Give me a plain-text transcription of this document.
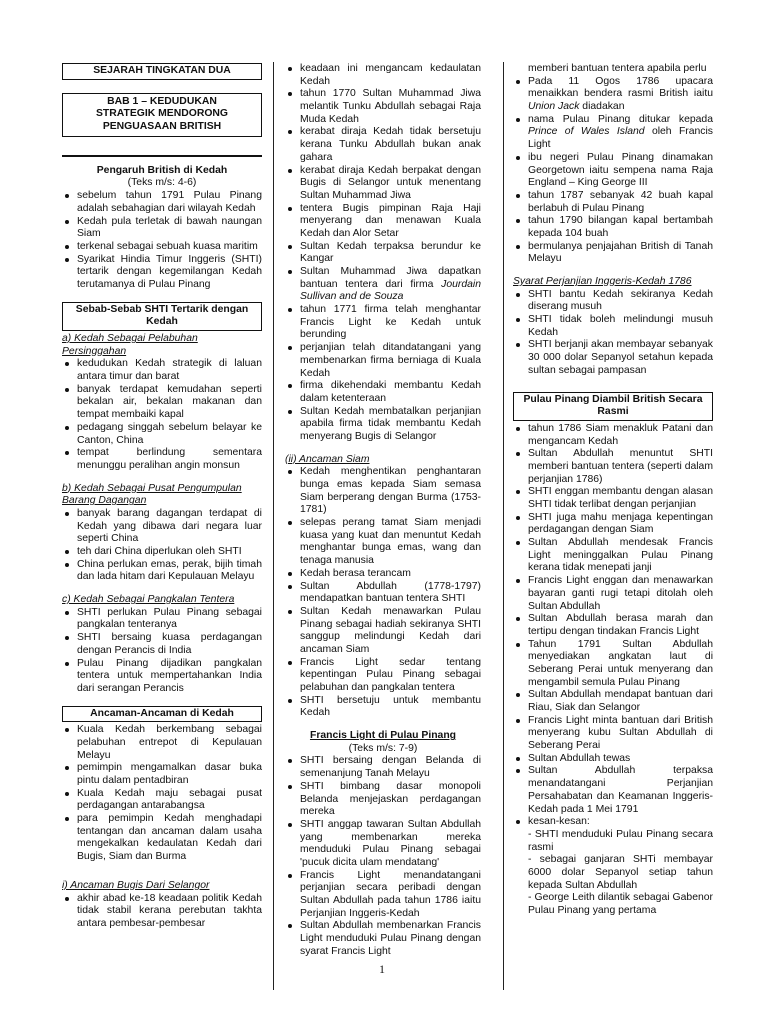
SEJARAH TINGKATAN DUA
BAB 1 – KEDUDUKAN STRATEGIK MENDORONG PENGUASAAN BRITISH
Pengaruh British di Kedah
(Teks m/s: 4-6)
sebelum tahun 1791 Pulau Pinang adalah sebahagian dari wilayah Kedah
Kedah pula terletak di bawah naungan Siam
terkenal sebagai sebuah kuasa maritim
Syarikat Hindia Timur Inggeris (SHTI) tertarik dengan kegemilangan Kedah terutamanya di Pulau Pinang
Sebab-Sebab SHTI Tertarik dengan Kedah
a) Kedah Sebagai Pelabuhan Persinggahan
kedudukan Kedah strategik di laluan antara timur dan barat
banyak terdapat kemudahan seperti bekalan air, bekalan makanan dan tempat membaiki kapal
pedagang singgah sebelum belayar ke Canton, China
tempat berlindung sementara menunggu peralihan angin monsun
b) Kedah Sebagai Pusat Pengumpulan Barang Dagangan
banyak barang dagangan terdapat di Kedah yang dibawa dari negara luar seperti China
teh dari China diperlukan oleh SHTI
China perlukan emas, perak, bijih timah dan lada hitam dari Kepulauan Melayu
c) Kedah Sebagai Pangkalan Tentera
SHTI perlukan Pulau Pinang sebagai pangkalan tenteranya
SHTI bersaing kuasa perdagangan dengan Perancis di India
Pulau Pinang dijadikan pangkalan tentera untuk mempertahankan India dari serangan Perancis
Ancaman-Ancaman di Kedah
Kuala Kedah berkembang sebagai pelabuhan entrepot di Kepulauan Melayu
pemimpin mengamalkan dasar buka pintu dalam pentadbiran
Kuala Kedah maju sebagai pusat perdagangan antarabangsa
para pemimpin Kedah menghadapi tentangan dan ancaman dalam usaha mengekalkan kedaulatan Kedah dari Bugis, Siam dan Burma
i) Ancaman Bugis Dari Selangor
akhir abad ke-18 keadaan politik Kedah tidak stabil kerana perebutan takhta antara pembesar-pembesar
keadaan ini mengancam kedaulatan Kedah
tahun 1770 Sultan Muhammad Jiwa melantik Tunku Abdullah sebagai Raja Muda Kedah
kerabat diraja Kedah tidak bersetuju kerana Tunku Abdullah bukan anak gahara
kerabat diraja Kedah berpakat dengan Bugis di Selangor untuk menentang Sultan Muhammad Jiwa
tentera Bugis pimpinan Raja Haji menyerang dan menawan Kuala Kedah dan Alor Setar
Sultan Kedah terpaksa berundur ke Kangar
Sultan Muhammad Jiwa dapatkan bantuan tentera dari firma Jourdain Sullivan and de Souza
tahun 1771 firma telah menghantar Francis Light ke Kedah untuk berunding
perjanjian telah ditandatangani yang membenarkan firma berniaga di Kuala Kedah
firma dikehendaki membantu Kedah dalam ketenteraan
Sultan Kedah membatalkan perjanjian apabila firma tidak membantu Kedah menyerang Bugis di Selangor
(ii) Ancaman Siam
Kedah menghentikan penghantaran bunga emas kepada Siam semasa Siam berperang dengan Burma (1753-1781)
selepas perang tamat Siam menjadi kuasa yang kuat dan menuntut Kedah menghantar bunga emas, wang dan tenaga manusia
Kedah berasa terancam
Sultan Abdullah (1778-1797) mendapatkan bantuan tentera SHTI
Sultan Kedah menawarkan Pulau Pinang sebagai hadiah sekiranya SHTI sanggup melindungi Kedah dari ancaman Siam
Francis Light sedar tentang kepentingan Pulau Pinang sebagai pelabuhan dan pangkalan tentera
SHTI bersetuju untuk membantu Kedah
Francis Light di Pulau Pinang
(Teks m/s: 7-9)
SHTI bersaing dengan Belanda di semenanjung Tanah Melayu
SHTI bimbang dasar monopoli Belanda menjejaskan perdagangan mereka
SHTI anggap tawaran Sultan Abdullah yang membenarkan mereka menduduki Pulau Pinang sebagai 'pucuk dicita ulam mendatang'
Francis Light menandatangani perjanjian secara peribadi dengan Sultan Abdullah pada tahun 1786 iaitu Perjanjian Inggeris-Kedah
Sultan Abdullah membenarkan Francis Light menduduki Pulau Pinang dengan syarat Francis Light
memberi bantuan tentera apabila perlu
Pada 11 Ogos 1786 upacara menaikkan bendera rasmi British iaitu Union Jack diadakan
nama Pulau Pinang ditukar kepada Prince of Wales Island oleh Francis Light
ibu negeri Pulau Pinang dinamakan Georgetown iaitu sempena nama Raja England – King George III
tahun 1787 sebanyak 42 buah kapal berlabuh di Pulau Pinang
tahun 1790 bilangan kapal bertambah kepada 104 buah
bermulanya penjajahan British di Tanah Melayu
Syarat Perjanjian Inggeris-Kedah 1786
SHTI bantu Kedah sekiranya Kedah diserang musuh
SHTI tidak boleh melindungi musuh Kedah
SHTI berjanji akan membayar sebanyak 30 000 dolar Sepanyol setahun kepada sultan sebagai pampasan
Pulau Pinang Diambil British Secara Rasmi
tahun 1786 Siam menakluk Patani dan mengancam Kedah
Sultan Abdullah menuntut SHTI memberi bantuan tentera (seperti dalam perjanjian 1786)
SHTI enggan membantu dengan alasan SHTI tidak terlibat dengan perjanjian
SHTI juga mahu menjaga kepentingan perdagangan dengan Siam
Sultan Abdullah mendesak Francis Light meninggalkan Pulau Pinang kerana tidak menepati janji
Francis Light enggan dan menawarkan bayaran ganti rugi tetapi ditolah oleh Sultan Abdullah
Sultan Abdullah berasa marah dan tertipu dengan tindakan Francis Light
Tahun 1791 Sultan Abdullah menyediakan angkatan laut di Seberang Perai untuk menyerang dan mengambil semula Pulau Pinang
Sultan Abdullah mendapat bantuan dari Riau, Siak dan Selangor
Francis Light minta bantuan dari British menyerang kubu Sultan Abdullah di Seberang Perai
Sultan Abdullah tewas
Sultan Abdullah terpaksa menandatangani Perjanjian Persahabatan dan Keamanan Inggeris-Kedah pada 1 Mei 1791
kesan-kesan:
- SHTI menduduki Pulau Pinang secara rasmi
- sebagai ganjaran SHTi membayar 6000 dolar Sepanyol setiap tahun kepada Sultan Abdullah
- George Leith dilantik sebagai Gabenor Pulau Pinang yang pertama
1
